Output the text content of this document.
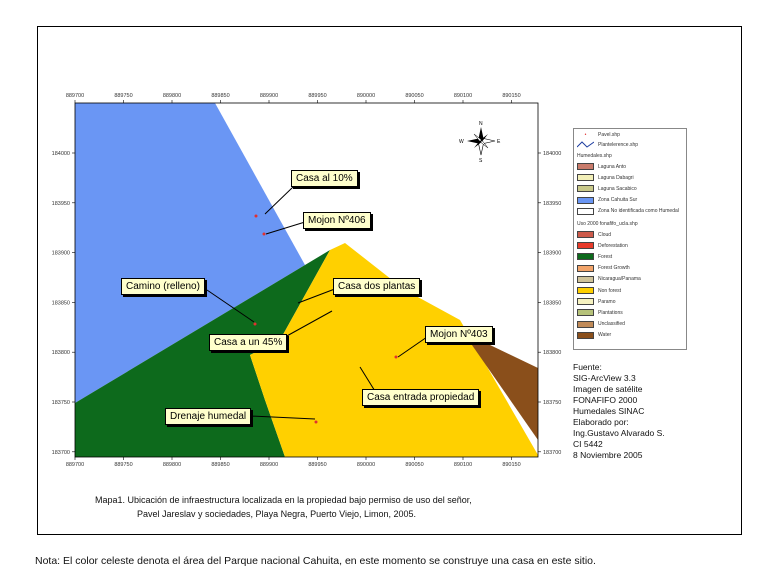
889700	889750	889800	889850	889900	889950	890000	890050	890100	890150
889700	889750	889800	889850	889900	889950	890000	890050	890100	890150
184000
183950
183900
183850
183800
183750
183700
184000
183950
183900
183850
183800
183750
183700
N
S
E
W
Casa al 10%
Mojon Nº406
Camino (relleno)	Casa dos plantas
Mojon Nº403
Casa a un 45%
Casa entrada propiedad
Drenaje humedal
•	Pavel.shp
Plantelerence.shp
Humedales.shp
Laguna Anto
Laguna Dabagri
Laguna Sacabico
Zona Cahuita Sur
Zona No identificada como Humedal
Uso 2000 fonafifo_ucla.shp
Cloud
Deforestation
Forest
Forest Growth
Nicaragua/Panama
Non forest
Paramo
Plantations
Unclassified
Water
Fuente:
SIG-ArcView 3.3
Imagen de satélite
FONAFIFO 2000
Humedales SINAC
Elaborado por:
Ing.Gustavo Alvarado S.
CI 5442
8 Noviembre 2005
Mapa1. Ubicación de infraestructura localizada en la propiedad bajo permiso de uso del señor,
Pavel Jareslav y sociedades, Playa Negra, Puerto Viejo, Limon, 2005.
Nota: El color celeste denota el área del Parque nacional Cahuita, en este momento se construye una casa en este sitio.
